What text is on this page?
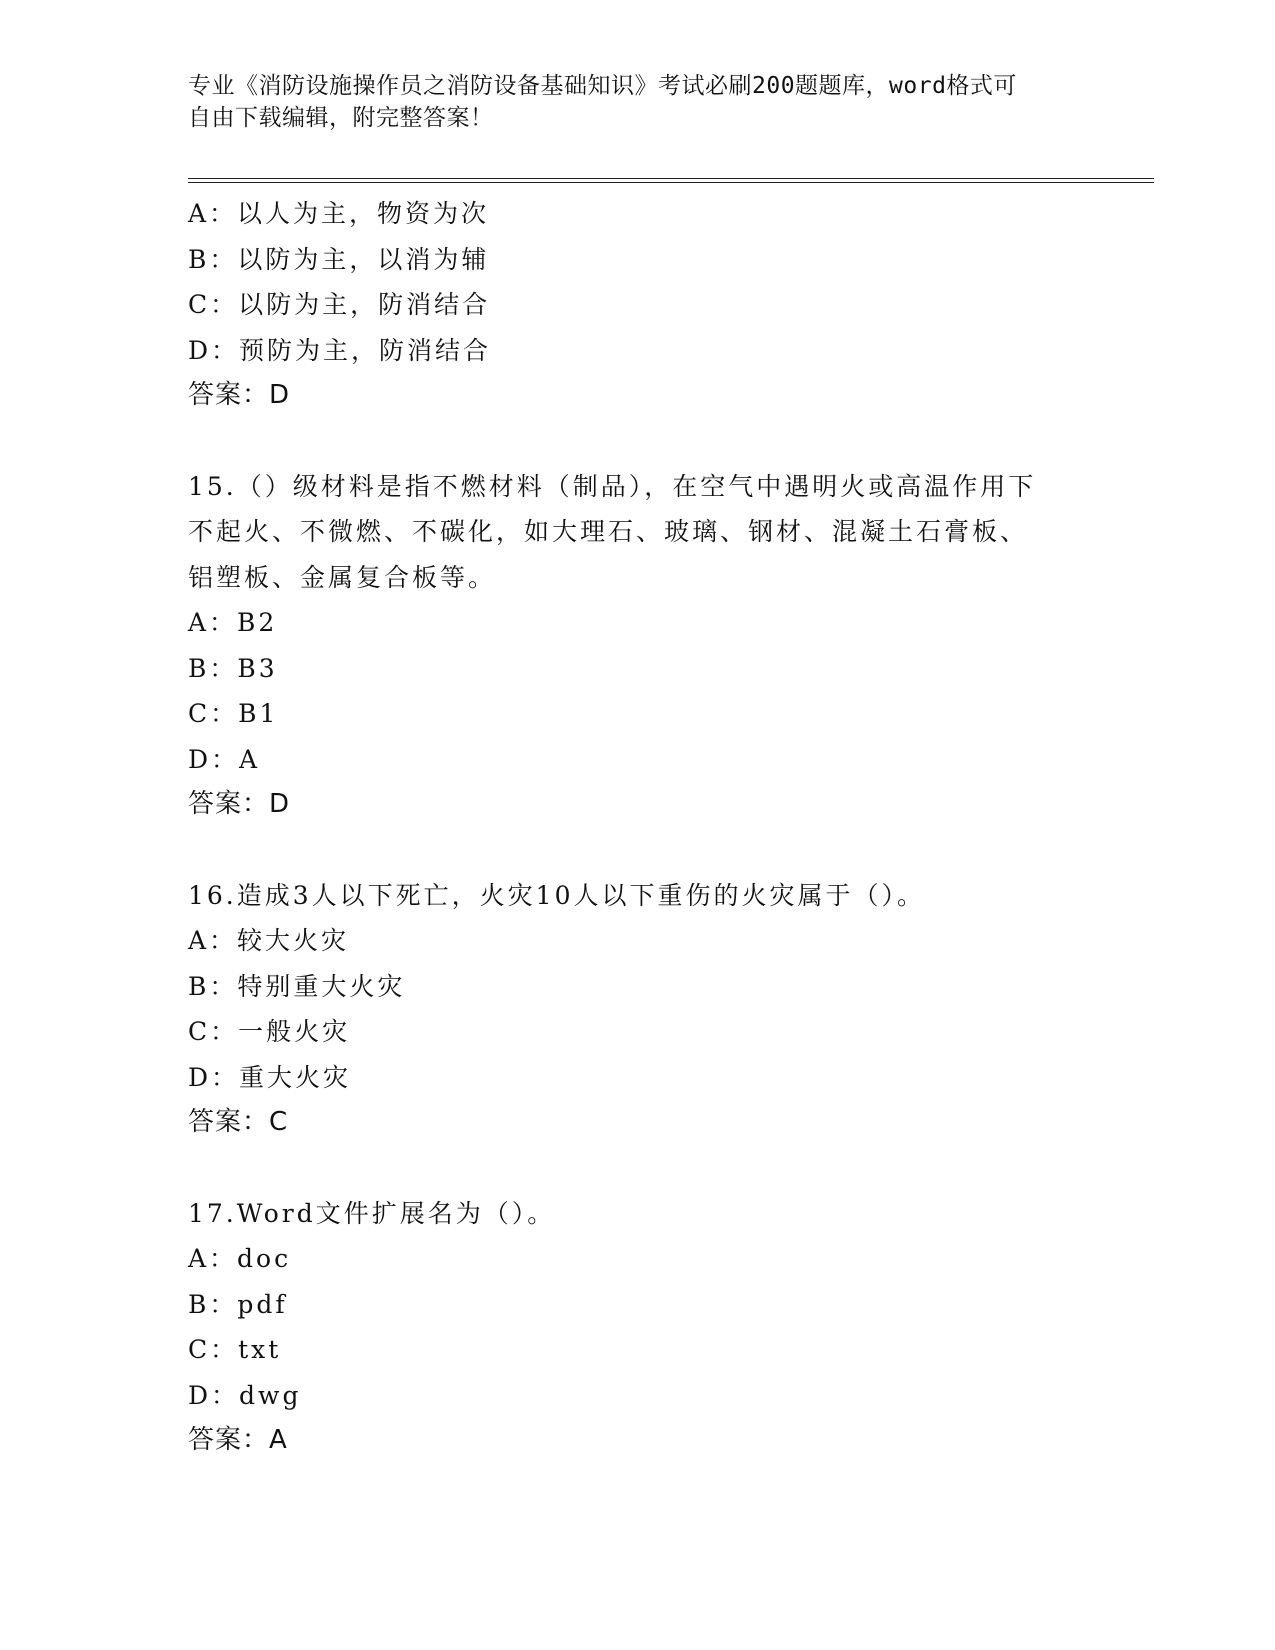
专业《消防设施操作员之消防设备基础知识》考试必刷200题题库，word格式可
自由下载编辑，附完整答案！
A：以人为主，物资为次
B：以防为主，以消为辅
C：以防为主，防消结合
D：预防为主，防消结合
答案：D
15.（）级材料是指不燃材料（制品），在空气中遇明火或高温作用下
不起火、不微燃、不碳化，如大理石、玻璃、钢材、混凝土石膏板、
铝塑板、金属复合板等。
A：B2
B：B3
C：B1
D：A
答案：D
16.造成3人以下死亡，火灾10人以下重伤的火灾属于（）。
A：较大火灾
B：特别重大火灾
C：一般火灾
D：重大火灾
答案：C
17.Word文件扩展名为（）。
A：doc
B：pdf
C：txt
D：dwg
答案：A
